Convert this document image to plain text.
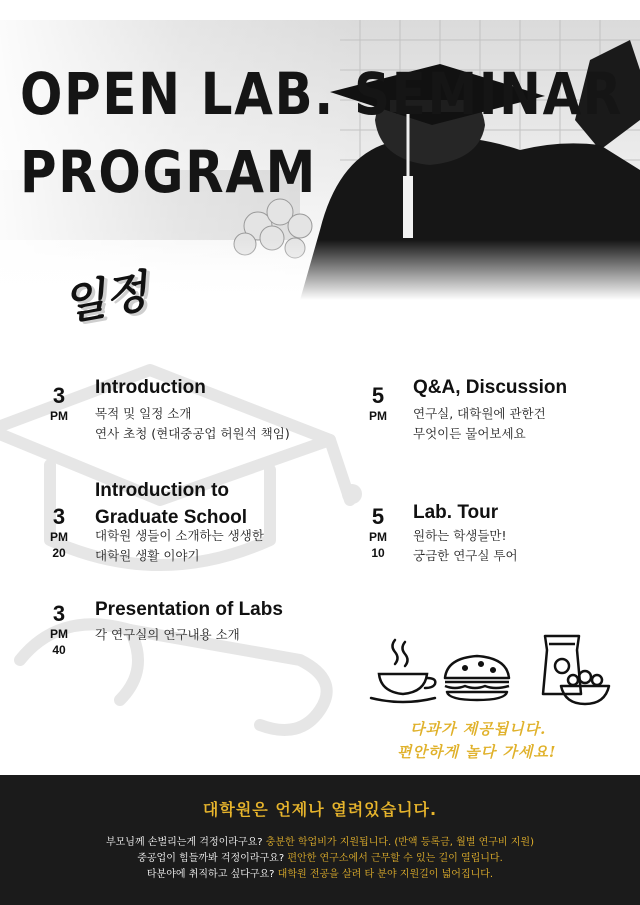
OPEN LAB. SEMINAR
PROGRAM
일정
3
PM
Introduction
목적 및 일정 소개
연사 초청 (현대중공업 허원석 책임)
3
PM
20
Introduction to
Graduate School
대학원 생들이 소개하는 생생한
대학원 생활 이야기
3
PM
40
Presentation of Labs
각 연구실의 연구내용 소개
5
PM
Q&A, Discussion
연구실, 대학원에 관한건
무엇이든 물어보세요
5
PM
10
Lab. Tour
원하는 학생들만!
궁금한 연구실 투어
다과가 제공됩니다.
편안하게 놀다 가세요!
대학원은 언제나 열려있습니다.
부모님께 손벌리는게 걱정이라구요? 충분한 학업비가 지원됩니다. (반액 등록금, 월별 연구비 지원)
중공업이 힘들까봐 걱정이라구요? 편안한 연구소에서 근무할 수 있는 길이 열립니다.
타분야에 취직하고 싶다구요? 대학원 전공을 살려 타 분야 지원길이 넓어집니다.
